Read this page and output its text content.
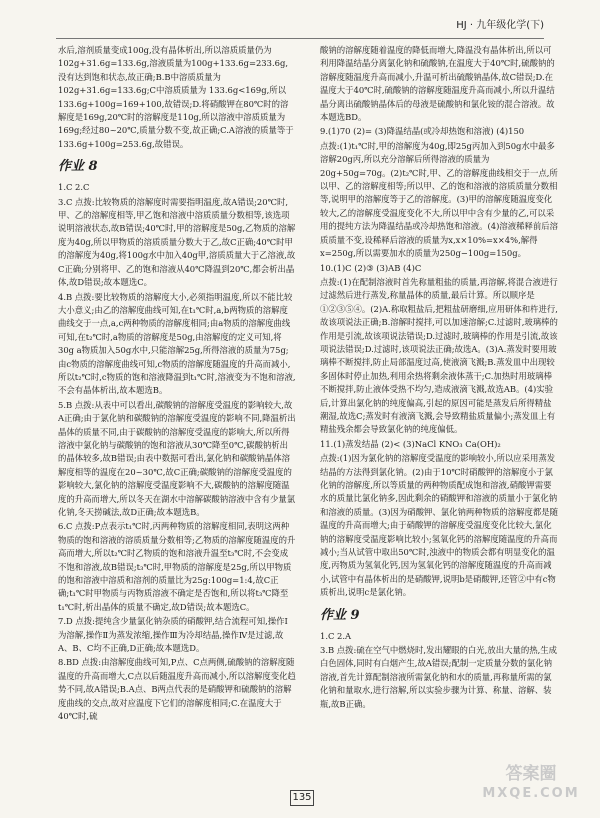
HJ · 九年级化学(下)
水后,溶剂质量变成100g,没有晶体析出,所以溶质质量仍为102g+31.6g=133.6g,溶液质量为100g+133.6g=233.6g,没有达到饱和状态,故正确;B.B中溶质质量为102g+31.6g=133.6g;C中溶质质量为 133.6g<169g,所以 133.6g+100g=169+100,故错误;D.将硝酸钾在80℃时的溶解度是169g,20℃时的溶解度是110g,所以溶液中溶质质量为169g;经过80~20℃,质量分数不变,故正确;C.A溶液的质量等于133.6g+100g=253.6g,故错误。
作业 8
1.C 2.C
3.C 点拨:比较物质的溶解度时需要指明温度,故A错误;20℃时,甲、乙的溶解度相等,甲乙饱和溶液中溶质质量分数相等,该选项说明溶液状态,故B错误;40℃时,甲的溶解度是50g,乙物质的溶解度为40g,所以甲物质的溶质质量分数大于乙,故C正确;40℃时甲的溶解度为40g,将100g水中加入40g甲,溶质质量大于乙溶液,故C正确;分别将甲、乙的饱和溶液从40℃降温到20℃,都会析出晶体,故D错误;故本题选C。
4.B 点拨:要比较物质的溶解度大小,必须指明温度,所以不能比较大小意义;由乙的溶解度曲线可知,在t₁℃时,a,b两物质的溶解度曲线交于一点,a,c两种物质的溶解度相同;由a物质的溶解度曲线可知,在t₂℃时,a物质的溶解度是50g,由溶解度的定义可知,将30g a物质加入50g水中,只能溶解25g,所得溶液的质量为75g;由c物质的溶解度曲线可知,c物质的溶解度随温度的升高而减小,所以t₂℃时,c物质的饱和溶液降温到t₁℃时,溶液变为不饱和溶液,不会有晶体析出,故本题选B。
5.B 点拨:从表中可以看出,碳酸钠的溶解度受温度的影响较大,故A正确;由于氯化钠和碳酸钠的溶解度受温度的影响不同,降温析出晶体的质量不同,由于碳酸钠的溶解度受温度的影响大,所以所得溶液中氯化钠与碳酸钠的饱和溶液从30℃降至0℃,碳酸钠析出的晶体较多,故B错误;由表中数据可看出,氯化钠和碳酸钠晶体溶解度相等的温度在20~30℃,故C正确;碳酸钠的溶解度受温度的影响较大,氯化钠的溶解度受温度影响不大,碳酸钠的溶解度随温度的升高而增大,所以冬天在湖水中溶解碳酸钠溶液中含有少量氯化钠,冬天捞碱法,故D正确;故本题选B。
6.C 点拨:P点表示t₁℃时,丙两种物质的溶解度相同,表明这两种物质的饱和溶液的溶质质量分数相等;乙物质的溶解度随温度的升高而增大,所以t₂℃时乙物质的饱和溶液升温至t₃℃时,不会变成不饱和溶液,故B错误;t₃℃时,甲物质的溶解度是25g,所以甲物质的饱和溶液中溶质和溶剂的质量比为25g:100g=1:4,故C正确;t₁℃时甲物质与丙物质溶液不确定是否饱和,所以将t₃℃降至t₁℃时,析出晶体的质量不确定,故D错误;故本题选C。
7.D 点拨:提纯含少量氯化钠杂质的硝酸钾,结合流程可知,操作Ⅰ为溶解,操作Ⅱ为蒸发浓缩,操作Ⅲ为冷却结晶,操作Ⅳ是过滤,故A、B、C均不正确,D正确;故本题选D。
8.BD 点拨:由溶解度曲线可知,P点、C点两侧,硫酸钠的溶解度随温度的升高而增大,C点以后随温度升高而减小,所以溶解度变化趋势不同,故A错误;B.A点、B两点代表的是硝酸钾和硫酸钠的溶解度曲线的交点,故对应温度下它们的溶解度相同;C.在温度大于40℃时,硫
酸钠的溶解度随着温度的降低而增大,降温没有晶体析出,所以可利用降温结晶分离氯化钠和硫酸钠,在温度大于40℃时,硫酸钠的溶解度随温度升高而减小,升温可析出硫酸钠晶体,故C错误;D.在温度大于40℃时,硫酸钠的溶解度随温度升高而减小,所以升温结晶分离出硫酸钠晶体后的母液是硫酸钠和氯化铵的混合溶液。故本题选BD。
9.(1)70 (2)= (3)降温结晶(或冷却热饱和溶液) (4)150
点拨:(1)t₁℃时,甲的溶解度为40g,即25g丙加入到50g水中最多溶解20g丙,所以充分溶解后所得溶液的质量为20g+50g=70g。(2)t₂℃时,甲、乙的溶解度曲线相交于一点,所以甲、乙的溶解度相等;所以甲、乙的饱和溶液的溶质质量分数相等,说明甲的溶解度等于乙的溶解度。(3)甲的溶解度随温度变化较大,乙的溶解度受温度变化不大,所以甲中含有少量的乙,可以采用的提纯方法为降温结晶或冷却热饱和溶液。(4)溶液稀释前后溶质质量不变,设稀释后溶液的质量为x,x×10%=x×4%,解得x=250g,所以需要加水的质量为250g−100g=150g。
10.(1)C (2)③ (3)AB (4)C
点拨:(1)在配制溶液时首先称量粗盐的质量,再溶解,将混合液进行过滤然后进行蒸发,称量晶体的质量,最后计算。所以顺序是①②③⑤④。(2)A.称取粗盐后,把粗盐研磨细,应用研体和杵进行,故该项说法正确;B.溶解时搅拌,可以加速溶解;C.过滤时,玻璃棒的作用是引流,故该项说法错误;D.过滤时,玻璃棒的作用是引流,故该项说法错误;D.过滤时,该项说法正确;故选A。(3)A.蒸发时要用玻璃棒不断搅拌,防止局部温度过高,使液滴飞溅;B.蒸发皿中出现较多固体时停止加热,利用余热将剩余液体蒸干;C.加热时用玻璃棒不断搅拌,防止液体受热不均匀,造成液滴飞溅,故选AB。(4)实验后,计算出氯化钠的纯度偏高,引起的原因可能是蒸发后所得精盐潮湿,故选C;蒸发时有液滴飞溅,会导致精盐质量偏小;蒸发皿上有精盐残余都会导致氯化钠的纯度偏低。
11.(1)蒸发结晶 (2)< (3)NaCl KNO₃ Ca(OH)₂
点拨:(1)因为氯化钠的溶解度受温度的影响较小,所以应采用蒸发结晶的方法得到氯化钠。(2)由于10℃时硝酸钾的溶解度小于氯化钠的溶解度,所以等质量的两种物质配成饱和溶液,硝酸钾需要水的质量比氯化钠多,因此剩余的硝酸钾和溶液的质量小于氯化钠和溶液的质量。(3)因为硝酸钾、氯化钠两种物质的溶解度都是随温度的升高而增大;由于硝酸钾的溶解度受温度变化比较大,氯化钠的溶解度受温度影响比较小;氢氧化钙的溶解度随温度的升高而减小;当从试管中取出50℃时,浊液中的物质会都有明显变化的温度,丙物质为氢氧化钙,因为氢氧化钙的溶解度随温度的升高而减小,试管中有晶体析出的是硝酸钾,说明b是硝酸钾,还管②中有c物质析出,说明c是氯化钠。
作业 9
1.C 2.A
3.B 点拨:硫在空气中燃烧时,发出耀眼的白光,放出大量的热,生成白色固体,同时有白烟产生,故A错误;配制一定质量分数的氯化钠溶液,首先计算配制溶液所需氯化钠和水的质量,再称量所需的氯化钠和量取水,进行溶解,所以实验步骤为计算、称量、溶解、装瓶,故B正确。
135
答案圈
MXQE.COM
